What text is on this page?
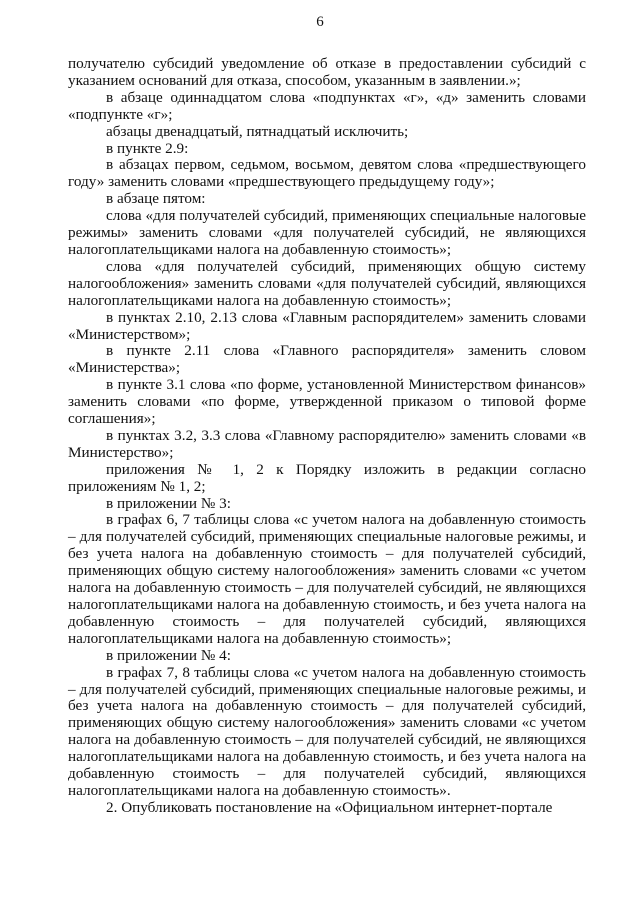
6

получателю субсидий уведомление об отказе в предоставлении субсидий с указанием оснований для отказа, способом, указанным в заявлении.»;

в абзаце одиннадцатом слова «подпунктах «г», «д» заменить словами «подпункте «г»;

абзацы двенадцатый, пятнадцатый исключить;

в пункте 2.9:

в абзацах первом, седьмом, восьмом, девятом слова «предшествующего году» заменить словами «предшествующего предыдущему году»;

в абзаце пятом:

слова «для получателей субсидий, применяющих специальные налоговые режимы» заменить словами «для получателей субсидий, не являющихся налогоплательщиками налога на добавленную стоимость»;

слова «для получателей субсидий, применяющих общую систему налогообложения» заменить словами «для получателей субсидий, являющихся налогоплательщиками налога на добавленную стоимость»;

в пунктах 2.10, 2.13 слова «Главным распорядителем» заменить словами «Министерством»;

в пункте 2.11 слова «Главного распорядителя» заменить словом «Министерства»;

в пункте 3.1 слова «по форме, установленной Министерством финансов» заменить словами «по форме, утвержденной приказом о типовой форме соглашения»;

в пунктах 3.2, 3.3 слова «Главному распорядителю» заменить словами «в Министерство»;

приложения № 1, 2 к Порядку изложить в редакции согласно приложениям № 1, 2;

в приложении № 3:

в графах 6, 7 таблицы слова «с учетом налога на добавленную стоимость – для получателей субсидий, применяющих специальные налоговые режимы, и без учета налога на добавленную стоимость – для получателей субсидий, применяющих общую систему налогообложения» заменить словами «с учетом налога на добавленную стоимость – для получателей субсидий, не являющихся налогоплательщиками налога на добавленную стоимость, и без учета налога на добавленную стоимость – для получателей субсидий, являющихся налогоплательщиками налога на добавленную стоимость»;

в приложении № 4:

в графах 7, 8 таблицы слова «с учетом налога на добавленную стоимость – для получателей субсидий, применяющих специальные налоговые режимы, и без учета налога на добавленную стоимость – для получателей субсидий, применяющих общую систему налогообложения» заменить словами «с учетом налога на добавленную стоимость – для получателей субсидий, не являющихся налогоплательщиками налога на добавленную стоимость, и без учета налога на добавленную стоимость – для получателей субсидий, являющихся налогоплательщиками налога на добавленную стоимость».

2. Опубликовать постановление на «Официальном интернет-портале
